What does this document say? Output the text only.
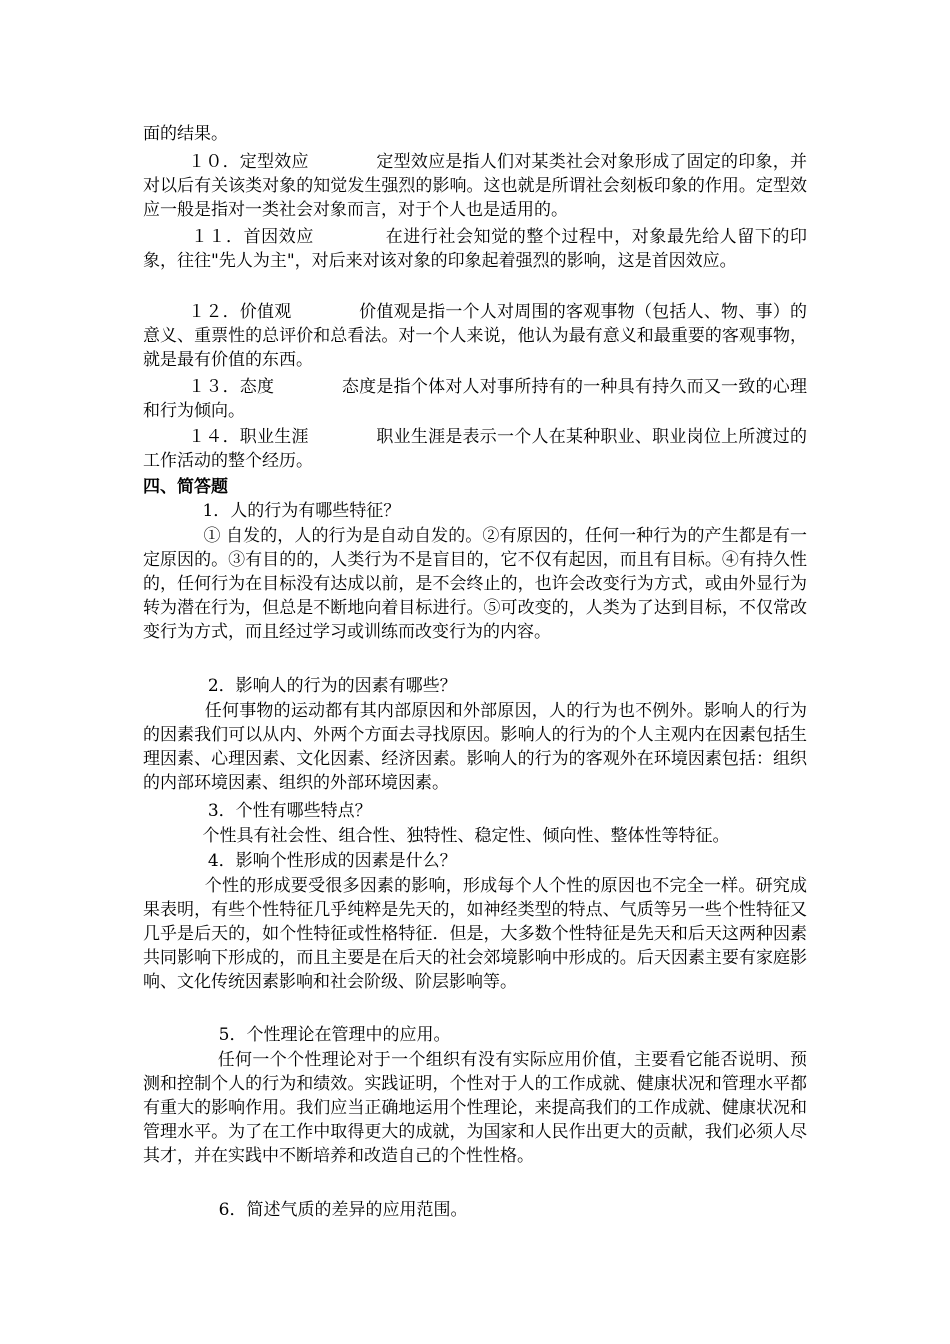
面的结果。

１０．定型效应            定型效应是指人们对某类社会对象形成了固定的印象，并对以后有关该类对象的知觉发生强烈的影响。这也就是所谓社会刻板印象的作用。定型效应一般是指对一类社会对象而言，对于个人也是适用的。

１１．首因效应            在进行社会知觉的整个过程中，对象最先给人留下的印象，往往"先人为主"，对后来对该对象的印象起着强烈的影响，这是首因效应。

１２．价值观            价值观是指一个人对周围的客观事物（包括人、物、事）的意义、重票性的总评价和总看法。对一个人来说，他认为最有意义和最重要的客观事物，就是最有价值的东西。

１３．态度            态度是指个体对人对事所持有的一种具有持久而又一致的心理和行为倾向。

１４．职业生涯            职业生涯是表示一个人在某种职业、职业岗位上所渡过的工作活动的整个经历。

四、简答题

1．人的行为有哪些特征？

① 自发的，人的行为是自动自发的。②有原因的，任何一种行为的产生都是有一定原因的。③有目的的，人类行为不是盲目的，它不仅有起因，而且有目标。④有持久性的，任何行为在目标没有达成以前，是不会终止的，也许会改变行为方式，或由外显行为转为潜在行为，但总是不断地向着目标进行。⑤可改变的，人类为了达到目标，不仅常改变行为方式，而且经过学习或训练而改变行为的内容。

2．影响人的行为的因素有哪些？

任何事物的运动都有其内部原因和外部原因，人的行为也不例外。影响人的行为的因素我们可以从内、外两个方面去寻找原因。影响人的行为的个人主观内在因素包括生理因素、心理因素、文化因素、经济因素。影响人的行为的客观外在环境因素包括：组织的内部环境因素、组织的外部环境因素。

3．个性有哪些特点？

个性具有社会性、组合性、独特性、稳定性、倾向性、整体性等特征。

4．影响个性形成的因素是什么？

个性的形成要受很多因素的影响，形成每个人个性的原因也不完全一样。研究成果表明，有些个性特征几乎纯粹是先天的，如神经类型的特点、气质等另一些个性特征又几乎是后天的，如个性特征或性格特征．但是，大多数个性特征是先天和后天这两种因素共同影响下形成的，而且主要是在后天的社会郊境影响中形成的。后天因素主要有家庭影响、文化传统因素影响和社会阶级、阶层影响等。

5．个性理论在管理中的应用。

任何一个个性理论对于一个组织有没有实际应用价值，主要看它能否说明、预测和控制个人的行为和绩效。实践证明，个性对于人的工作成就、健康状况和管理水平都有重大的影响作用。我们应当正确地运用个性理论，来提高我们的工作成就、健康状况和管理水平。为了在工作中取得更大的成就，为国家和人民作出更大的贡献，我们必须人尽其才，并在实践中不断培养和改造自己的个性性格。

6．简述气质的差异的应用范围。
